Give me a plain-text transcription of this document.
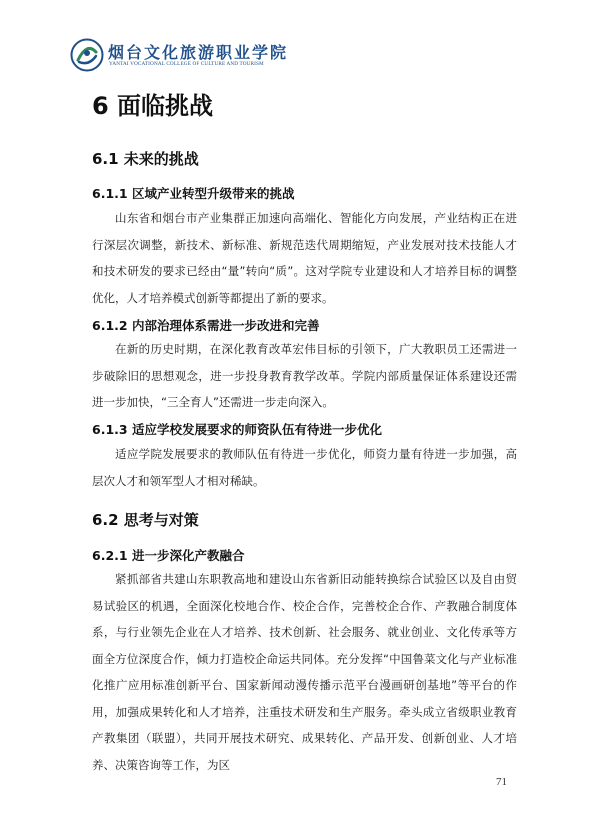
烟台文化旅游职业学院
YANTAI VOCATIONAL COLLEGE OF CULTURE AND TOURISM
6 面临挑战
6.1 未来的挑战
6.1.1 区域产业转型升级带来的挑战

山东省和烟台市产业集群正加速向高端化、智能化方向发展，产业结构正在进行深层次调整，新技术、新标准、新规范迭代周期缩短，产业发展对技术技能人才和技术研发的要求已经由“量”转向“质”。这对学院专业建设和人才培养目标的调整优化，人才培养模式创新等都提出了新的要求。

6.1.2 内部治理体系需进一步改进和完善

在新的历史时期，在深化教育改革宏伟目标的引领下，广大教职员工还需进一步破除旧的思想观念，进一步投身教育教学改革。学院内部质量保证体系建设还需进一步加快，“三全育人”还需进一步走向深入。

6.1.3 适应学校发展要求的师资队伍有待进一步优化

适应学院发展要求的教师队伍有待进一步优化，师资力量有待进一步加强，高层次人才和领军型人才相对稀缺。

6.2 思考与对策
6.2.1 进一步深化产教融合

紧抓部省共建山东职教高地和建设山东省新旧动能转换综合试验区以及自由贸易试验区的机遇，全面深化校地合作、校企合作，完善校企合作、产教融合制度体系，与行业领先企业在人才培养、技术创新、社会服务、就业创业、文化传承等方面全方位深度合作，倾力打造校企命运共同体。充分发挥“中国鲁菜文化与产业标准化推广应用标准创新平台、国家新闻动漫传播示范平台漫画研创基地”等平台的作用，加强成果转化和人才培养，注重技术研发和生产服务。牵头成立省级职业教育产教集团（联盟），共同开展技术研究、成果转化、产品开发、创新创业、人才培养、决策咨询等工作，为区

71
